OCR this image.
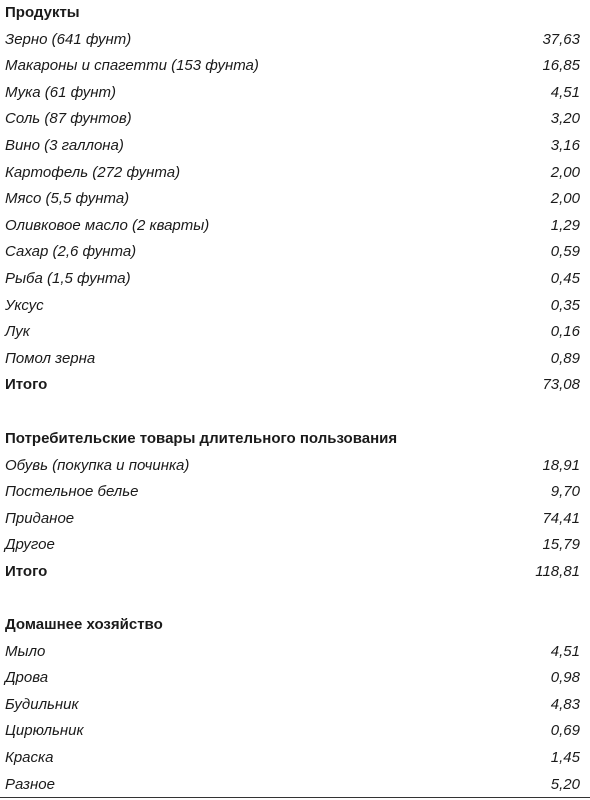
Продукты
Зерно (641 фунт)	37,63
Макароны и спагетти (153 фунта)	16,85
Мука (61 фунт)	4,51
Соль (87 фунтов)	3,20
Вино (3 галлона)	3,16
Картофель (272 фунта)	2,00
Мясо (5,5 фунта)	2,00
Оливковое масло (2 кварты)	1,29
Сахар (2,6 фунта)	0,59
Рыба (1,5 фунта)	0,45
Уксус	0,35
Лук	0,16
Помол зерна	0,89
Итого	73,08
Потребительские товары длительного пользования
Обувь (покупка и починка)	18,91
Постельное белье	9,70
Приданое	74,41
Другое	15,79
Итого	118,81
Домашнее хозяйство
Мыло	4,51
Дрова	0,98
Будильник	4,83
Цирюльник	0,69
Краска	1,45
Разное	5,20
